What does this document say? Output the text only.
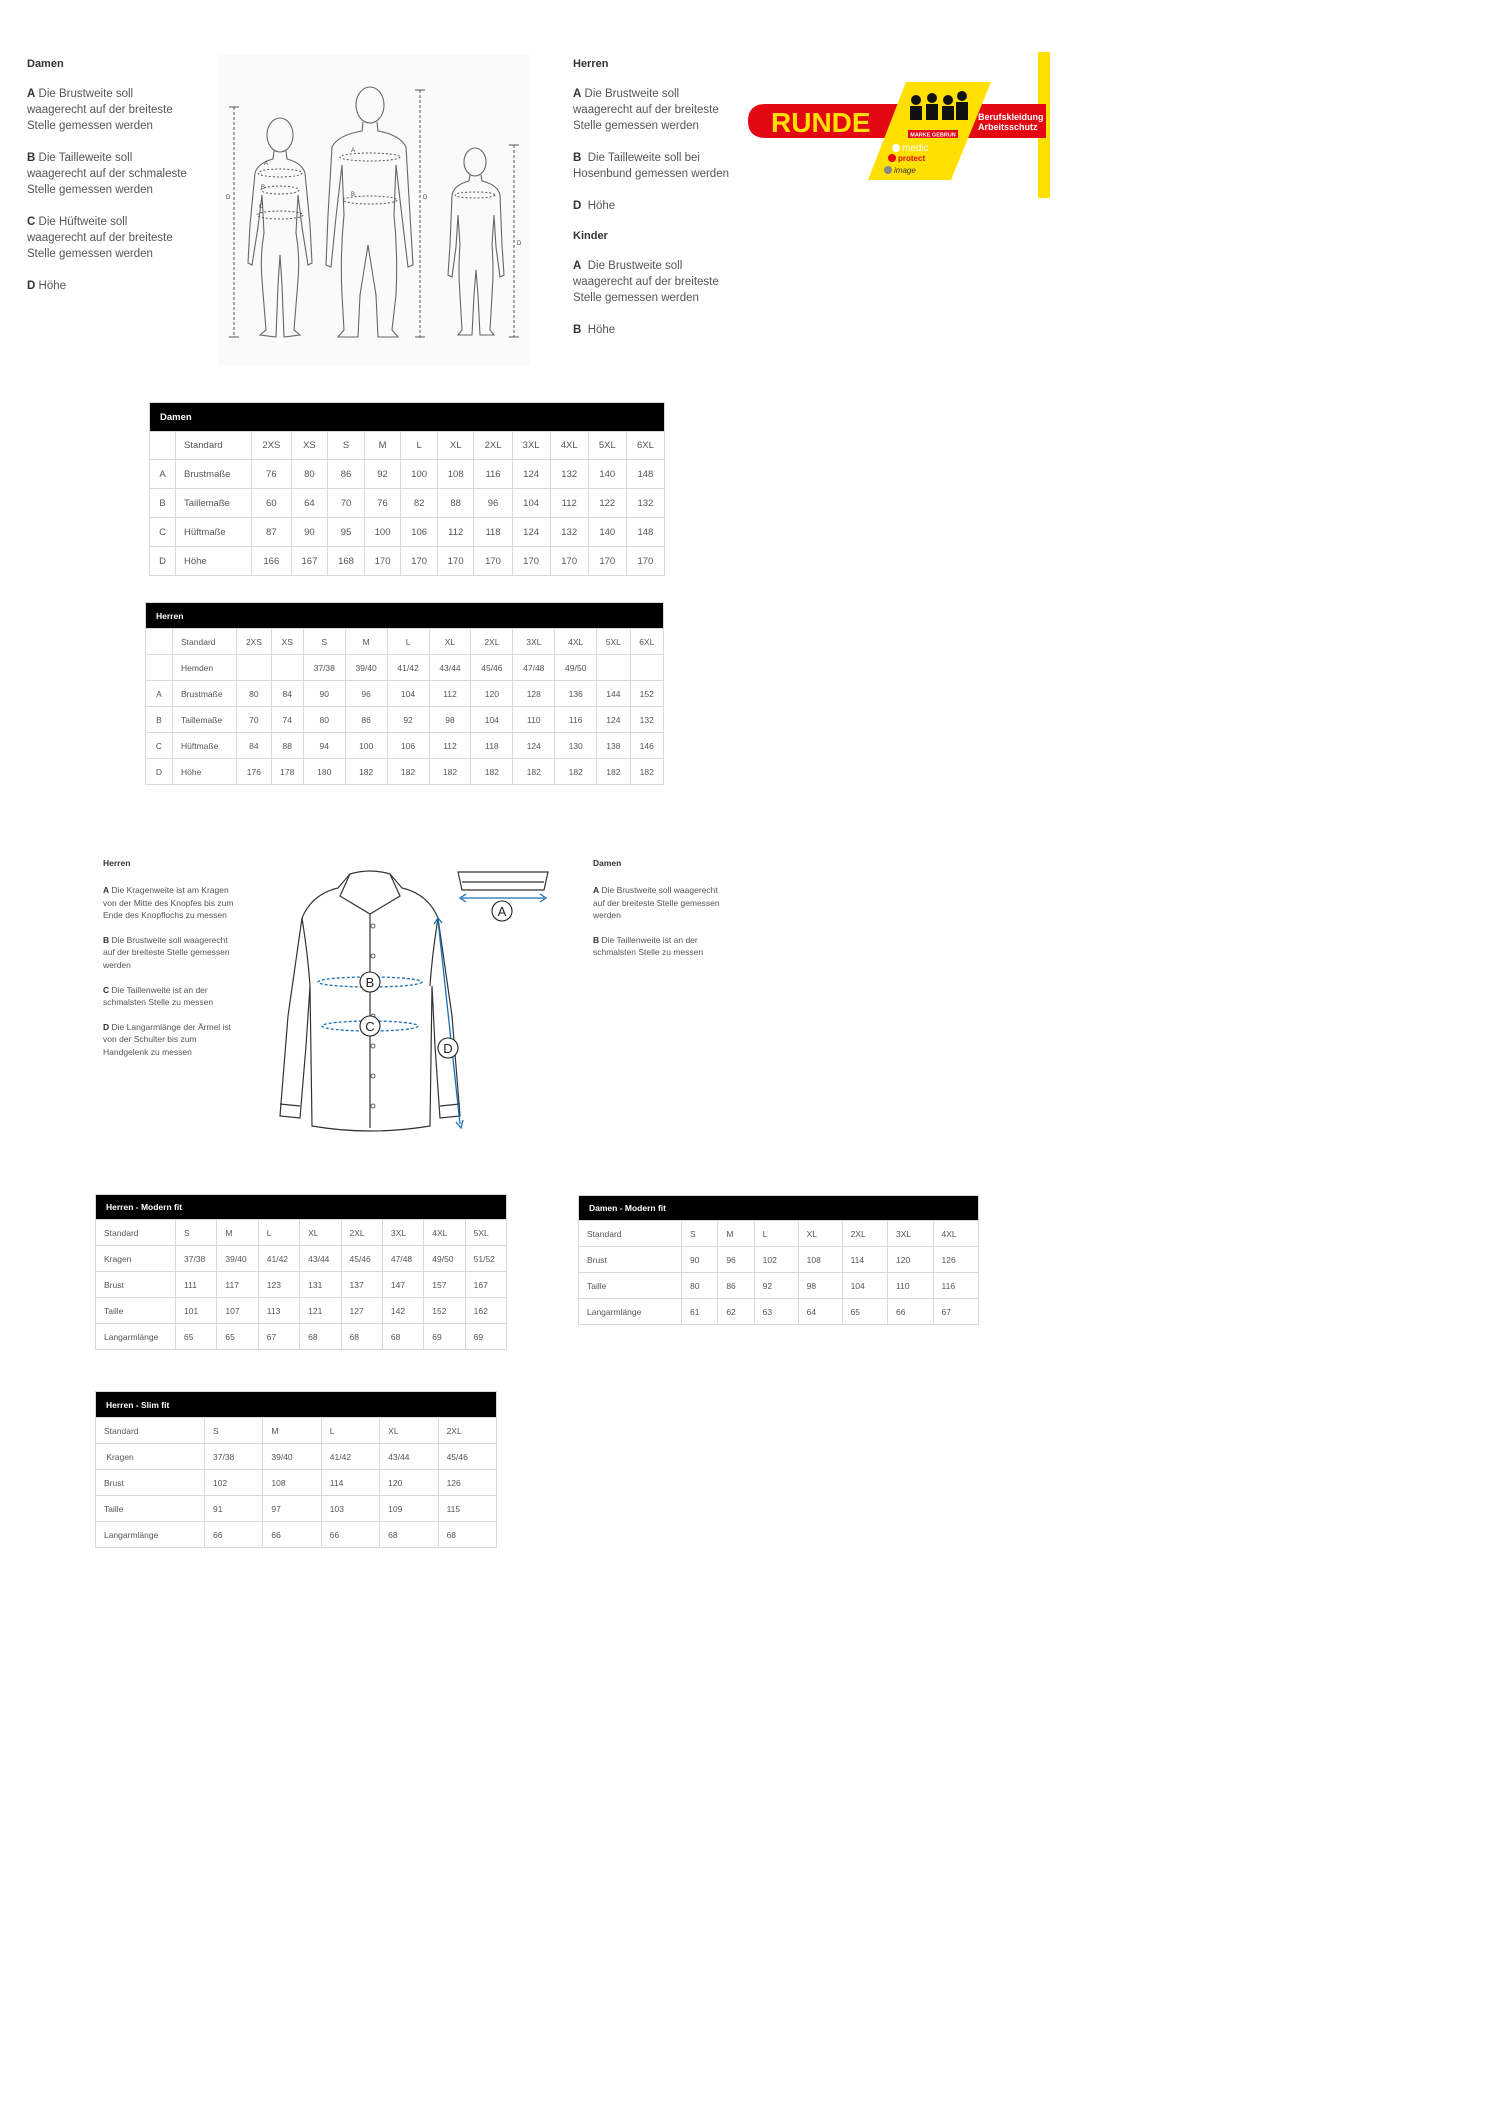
Damen

A Die Brustweite soll waagerecht auf der breiteste Stelle gemessen werden

B Die Tailleweite soll waagerecht auf der schmaleste Stelle gemessen werden

C Die Hüftweite soll waagerecht auf der breiteste Stelle gemessen werden

D Höhe

A
B
C
D
A
B	D
D
Herren

A Die Brustweite soll waagerecht auf der breiteste Stelle gemessen werden

B Die Tailleweite soll bei Hosenbund gemessen werden

D Höhe

Kinder

A Die Brustweite soll waagerecht auf der breiteste Stelle gemessen werden

B Höhe

MARKE GEBRUN
RUNDE	Berufskleidung
Arbeitsschutz
medic
protect
image
Damen												
	Standard	2XS	XS	S	M	L	XL	2XL	3XL	4XL	5XL	6XL
A	Brustmaße	76	80	86	92	100	108	116	124	132	140	148
B	Taillemaße	60	64	70	76	82	88	96	104	112	122	132
C	Hüftmaße	87	90	95	100	106	112	118	124	132	140	148
D	Höhe	166	167	168	170	170	170	170	170	170	170	170
Herren												
	Standard	2XS	XS	S	M	L	XL	2XL	3XL	4XL	5XL	6XL
	Hemden			37/38	39/40	41/42	43/44	45/46	47/48	49/50		
A	Brustmaße	80	84	90	96	104	112	120	128	136	144	152
B	Taillemaße	70	74	80	86	92	98	104	110	116	124	132
C	Hüftmaße	84	88	94	100	106	112	118	124	130	138	146
D	Höhe	176	178	180	182	182	182	182	182	182	182	182
Herren

A Die Kragenweite ist am Kragen von der Mitte des Knopfes bis zum Ende des Knopflochs zu messen

B Die Brustweite soll waagerecht auf der breiteste Stelle gemessen werden

C Die Taillenweite ist an der schmalsten Stelle zu messen

D Die Langarmlänge der Ärmel ist von der Schulter bis zum Handgelenk zu messen

A
B
C
D
Damen

A Die Brustweite soll waagerecht auf der breiteste Stelle gemessen werden

B Die Taillenweite ist an der schmalsten Stelle zu messen

Herren - Modern fit								
Standard	S	M	L	XL	2XL	3XL	4XL	5XL
Kragen	37/38	39/40	41/42	43/44	45/46	47/48	49/50	51/52
Brust	111	117	123	131	137	147	157	167
Taille	101	107	113	121	127	142	152	162
Langarmlänge	65	65	67	68	68	68	69	69
Damen - Modern fit							
Standard	S	M	L	XL	2XL	3XL	4XL
Brust	90	96	102	108	114	120	126
Taille	80	86	92	98	104	110	116
Langarmlänge	61	62	63	64	65	66	67
Herren - Slim fit					
Standard	S	M	L	XL	2XL
Kragen	37/38	39/40	41/42	43/44	45/46
Brust	102	108	114	120	126
Taille	91	97	103	109	115
Langarmlänge	66	66	66	68	68
